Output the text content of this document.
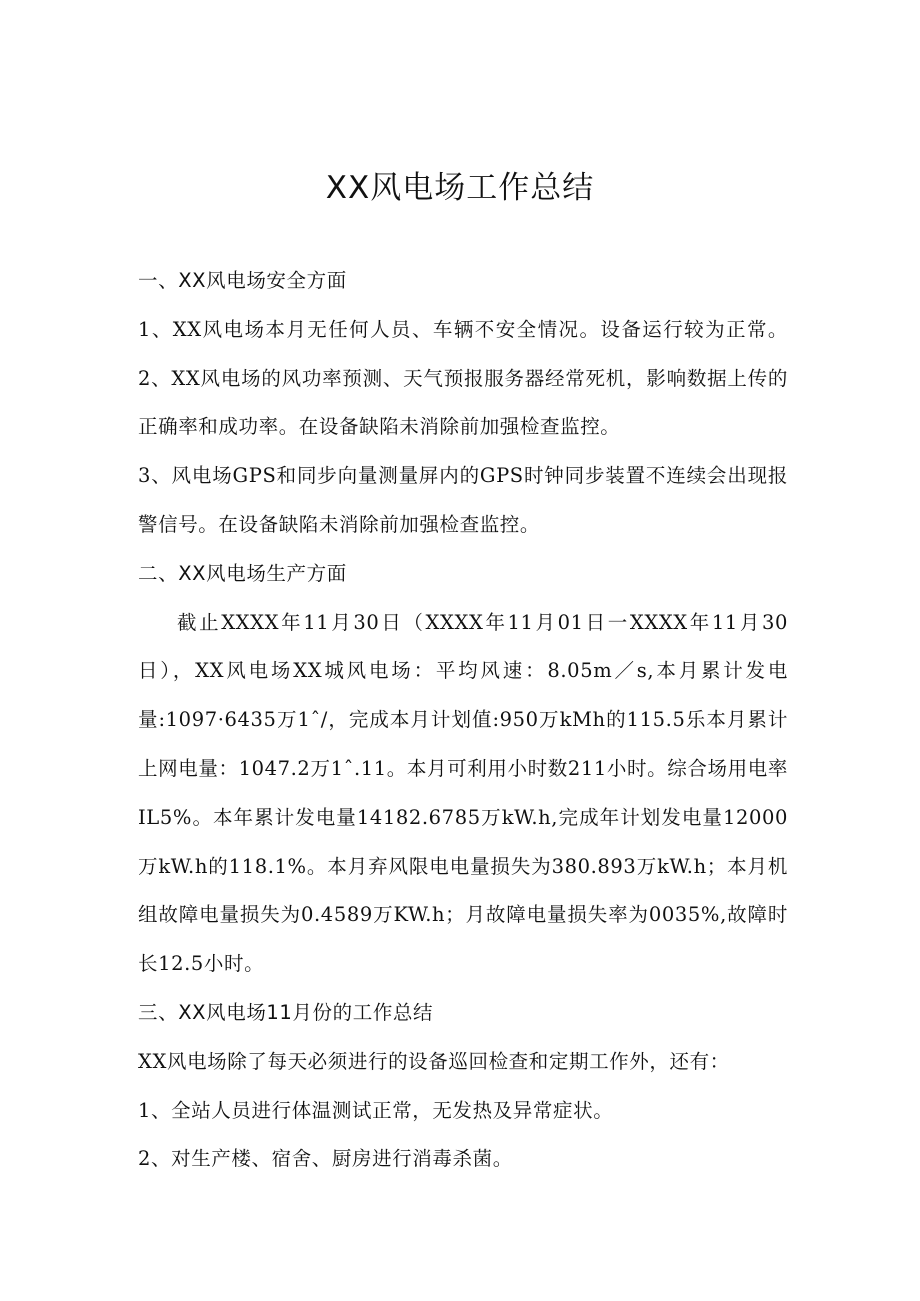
XX风电场工作总结

一、XX风电场安全方面

1、XX风电场本月无任何人员、车辆不安全情况。设备运行较为正常。2、XX风电场的风功率预测、天气预报服务器经常死机，影响数据上传的正确率和成功率。在设备缺陷未消除前加强检查监控。

3、风电场GPS和同步向量测量屏内的GPS时钟同步装置不连续会出现报警信号。在设备缺陷未消除前加强检查监控。

二、XX风电场生产方面

截止XXXX年11月30日（XXXX年11月01日一XXXX年11月30日），XX风电场XX城风电场：平均风速：8.05m／s,本月累计发电量:1097·6435万1ˆ/，完成本月计划值:950万kMh的115.5乐本月累计上网电量：1047.2万1ˆ.11。本月可利用小时数211小时。综合场用电率IL5%。本年累计发电量14182.6785万kW.h,完成年计划发电量12000万kW.h的118.1%。本月弃风限电电量损失为380.893万kW.h；本月机组故障电量损失为0.4589万KW.h；月故障电量损失率为0035%,故障时长12.5小时。

三、XX风电场11月份的工作总结

XX风电场除了每天必须进行的设备巡回检查和定期工作外，还有：

1、全站人员进行体温测试正常，无发热及异常症状。

2、对生产楼、宿舍、厨房进行消毒杀菌。
